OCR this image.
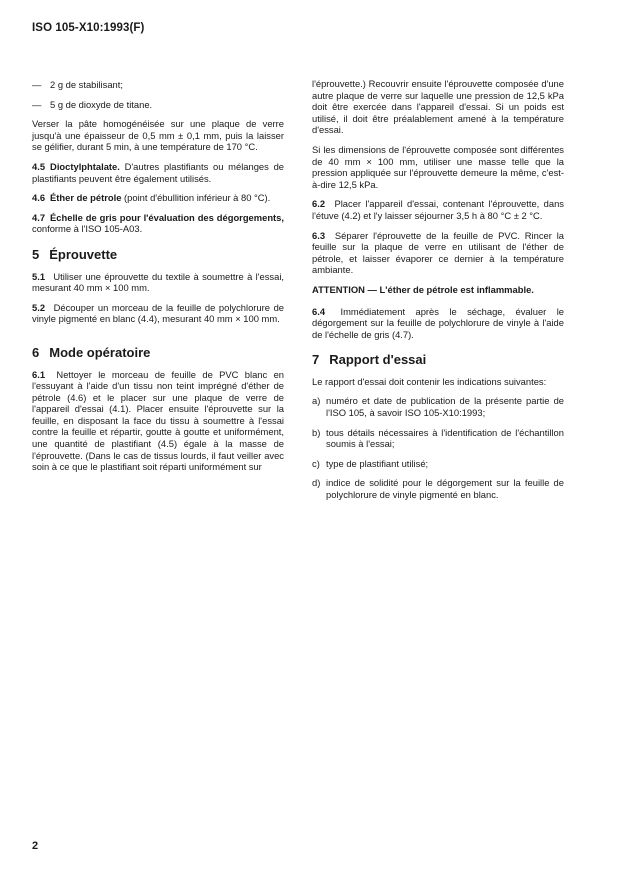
ISO 105-X10:1993(F)
— 2 g de stabilisant;
— 5 g de dioxyde de titane.

Verser la pâte homogénéisée sur une plaque de verre jusqu'à une épaisseur de 0,5 mm ± 0,1 mm, puis la laisser se gélifier, durant 5 min, à une température de 170 °C.

4.5 Dioctylphtalate. D'autres plastifiants ou mélanges de plastifiants peuvent être également utilisés.

4.6 Éther de pétrole (point d'ébullition inférieur à 80 °C).

4.7 Échelle de gris pour l'évaluation des dégorgements, conforme à l'ISO 105-A03.

5 Éprouvette

5.1 Utiliser une éprouvette du textile à soumettre à l'essai, mesurant 40 mm × 100 mm.

5.2 Découper un morceau de la feuille de polychlorure de vinyle pigmenté en blanc (4.4), mesurant 40 mm × 100 mm.

6 Mode opératoire

6.1 Nettoyer le morceau de feuille de PVC blanc en l'essuyant à l'aide d'un tissu non teint imprégné d'éther de pétrole (4.6) et le placer sur une plaque de verre de l'appareil d'essai (4.1). Placer ensuite l'éprouvette sur la feuille, en disposant la face du tissu à soumettre à l'essai contre la feuille et répartir, goutte à goutte et uniformément, une quantité de plastifiant (4.5) égale à la masse de l'éprouvette. (Dans le cas de tissus lourds, il faut veiller avec soin à ce que le plastifiant soit réparti uniformément sur

l'éprouvette.) Recouvrir ensuite l'éprouvette composée d'une autre plaque de verre sur laquelle une pression de 12,5 kPa doit être exercée dans l'appareil d'essai. Si un poids est utilisé, il doit être préalablement amené à la température d'essai.

Si les dimensions de l'éprouvette composée sont différentes de 40 mm × 100 mm, utiliser une masse telle que la pression appliquée sur l'éprouvette demeure la même, c'est-à-dire 12,5 kPa.

6.2 Placer l'appareil d'essai, contenant l'éprouvette, dans l'étuve (4.2) et l'y laisser séjourner 3,5 h à 80 °C ± 2 °C.

6.3 Séparer l'éprouvette de la feuille de PVC. Rincer la feuille sur la plaque de verre en utilisant de l'éther de pétrole, et laisser évaporer ce dernier à la température ambiante.

ATTENTION — L'éther de pétrole est inflammable.

6.4 Immédiatement après le séchage, évaluer le dégorgement sur la feuille de polychlorure de vinyle à l'aide de l'échelle de gris (4.7).

7 Rapport d'essai

Le rapport d'essai doit contenir les indications suivantes:

a) numéro et date de publication de la présente partie de l'ISO 105, à savoir ISO 105-X10:1993;
b) tous détails nécessaires à l'identification de l'échantillon soumis à l'essai;
c) type de plastifiant utilisé;
d) indice de solidité pour le dégorgement sur la feuille de polychlorure de vinyle pigmenté en blanc.
2
